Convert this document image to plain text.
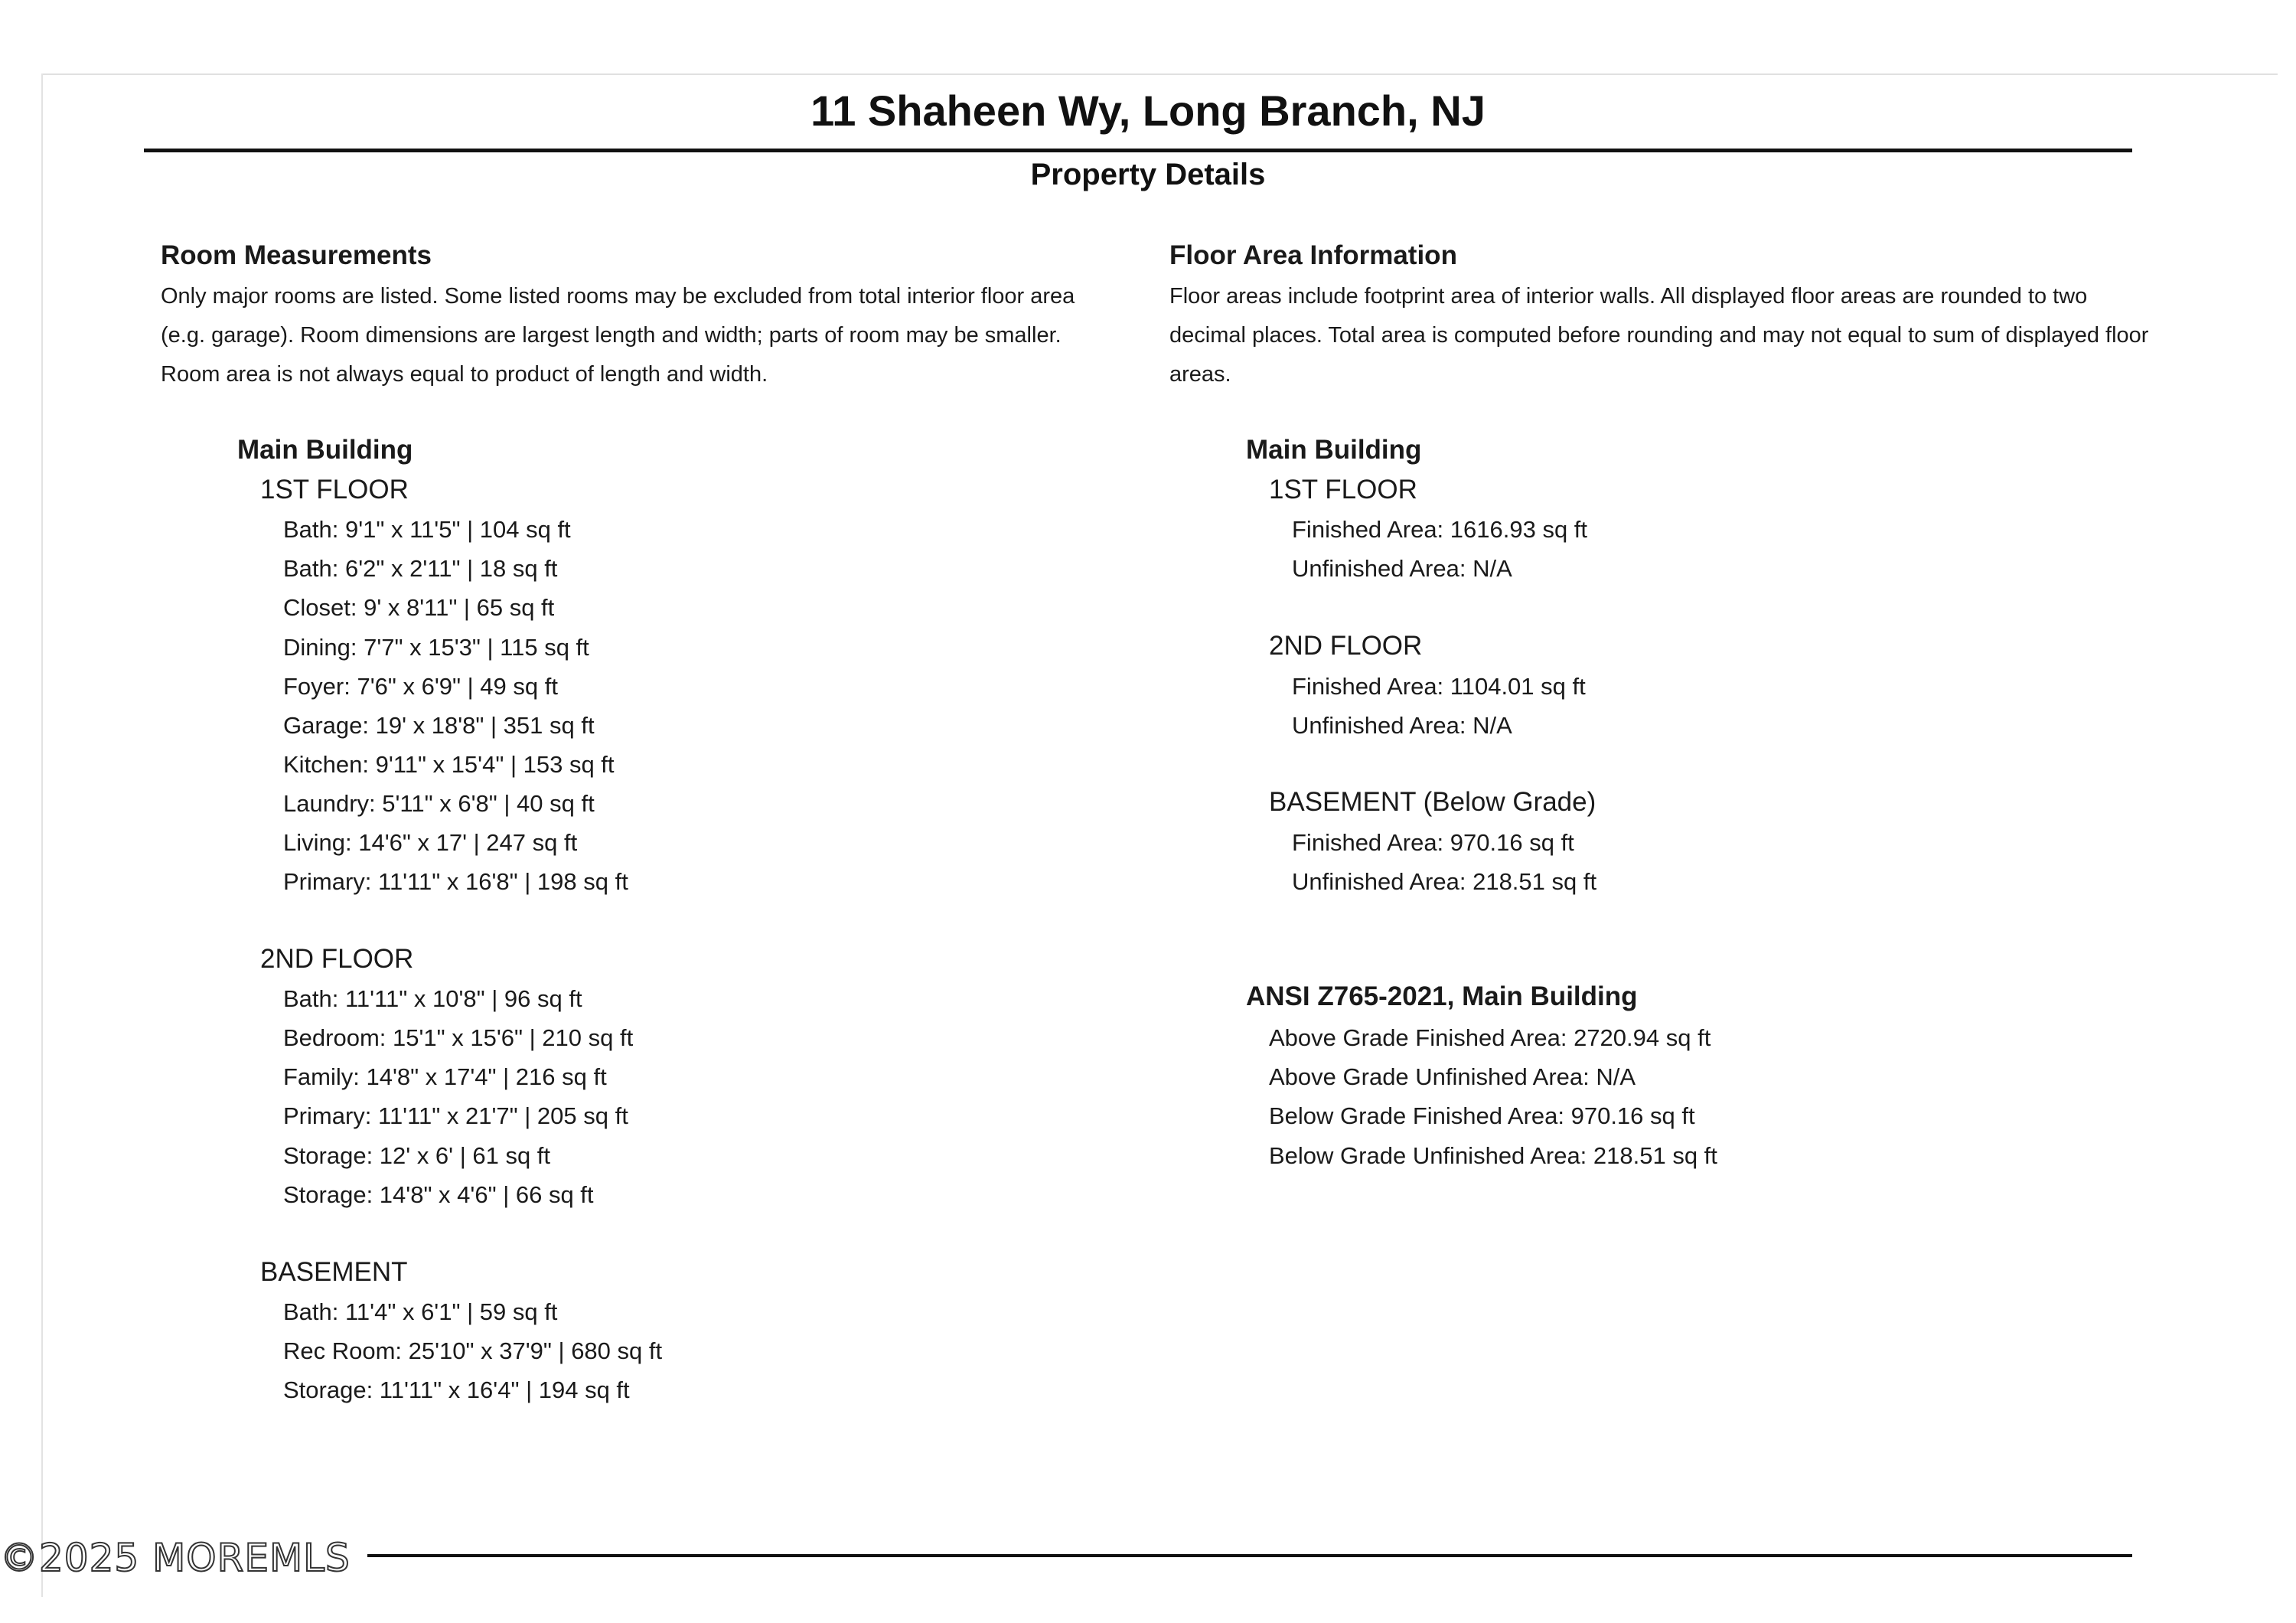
11 Shaheen Wy, Long Branch, NJ
Property Details
Room Measurements

Only major rooms are listed. Some listed rooms may be excluded from total interior floor area (e.g. garage). Room dimensions are largest length and width; parts of room may be smaller. Room area is not always equal to product of length and width.

Main Building
1ST FLOOR
Bath: 9'1" x 11'5" | 104 sq ft
Bath: 6'2" x 2'11" | 18 sq ft
Closet: 9' x 8'11" | 65 sq ft
Dining: 7'7" x 15'3" | 115 sq ft
Foyer: 7'6" x 6'9" | 49 sq ft
Garage: 19' x 18'8" | 351 sq ft
Kitchen: 9'11" x 15'4" | 153 sq ft
Laundry: 5'11" x 6'8" | 40 sq ft
Living: 14'6" x 17' | 247 sq ft
Primary: 11'11" x 16'8" | 198 sq ft
2ND FLOOR
Bath: 11'11" x 10'8" | 96 sq ft
Bedroom: 15'1" x 15'6" | 210 sq ft
Family: 14'8" x 17'4" | 216 sq ft
Primary: 11'11" x 21'7" | 205 sq ft
Storage: 12' x 6' | 61 sq ft
Storage: 14'8" x 4'6" | 66 sq ft
BASEMENT
Bath: 11'4" x 6'1" | 59 sq ft
Rec Room: 25'10" x 37'9" | 680 sq ft
Storage: 11'11" x 16'4" | 194 sq ft
Floor Area Information

Floor areas include footprint area of interior walls. All displayed floor areas are rounded to two decimal places. Total area is computed before rounding and may not equal to sum of displayed floor areas.

Main Building
1ST FLOOR
Finished Area: 1616.93 sq ft
Unfinished Area: N/A
2ND FLOOR
Finished Area: 1104.01 sq ft
Unfinished Area: N/A
BASEMENT (Below Grade)
Finished Area: 970.16 sq ft
Unfinished Area: 218.51 sq ft
ANSI Z765-2021, Main Building
Above Grade Finished Area: 2720.94 sq ft
Above Grade Unfinished Area: N/A
Below Grade Finished Area: 970.16 sq ft
Below Grade Unfinished Area: 218.51 sq ft
©2025 MOREMLS
